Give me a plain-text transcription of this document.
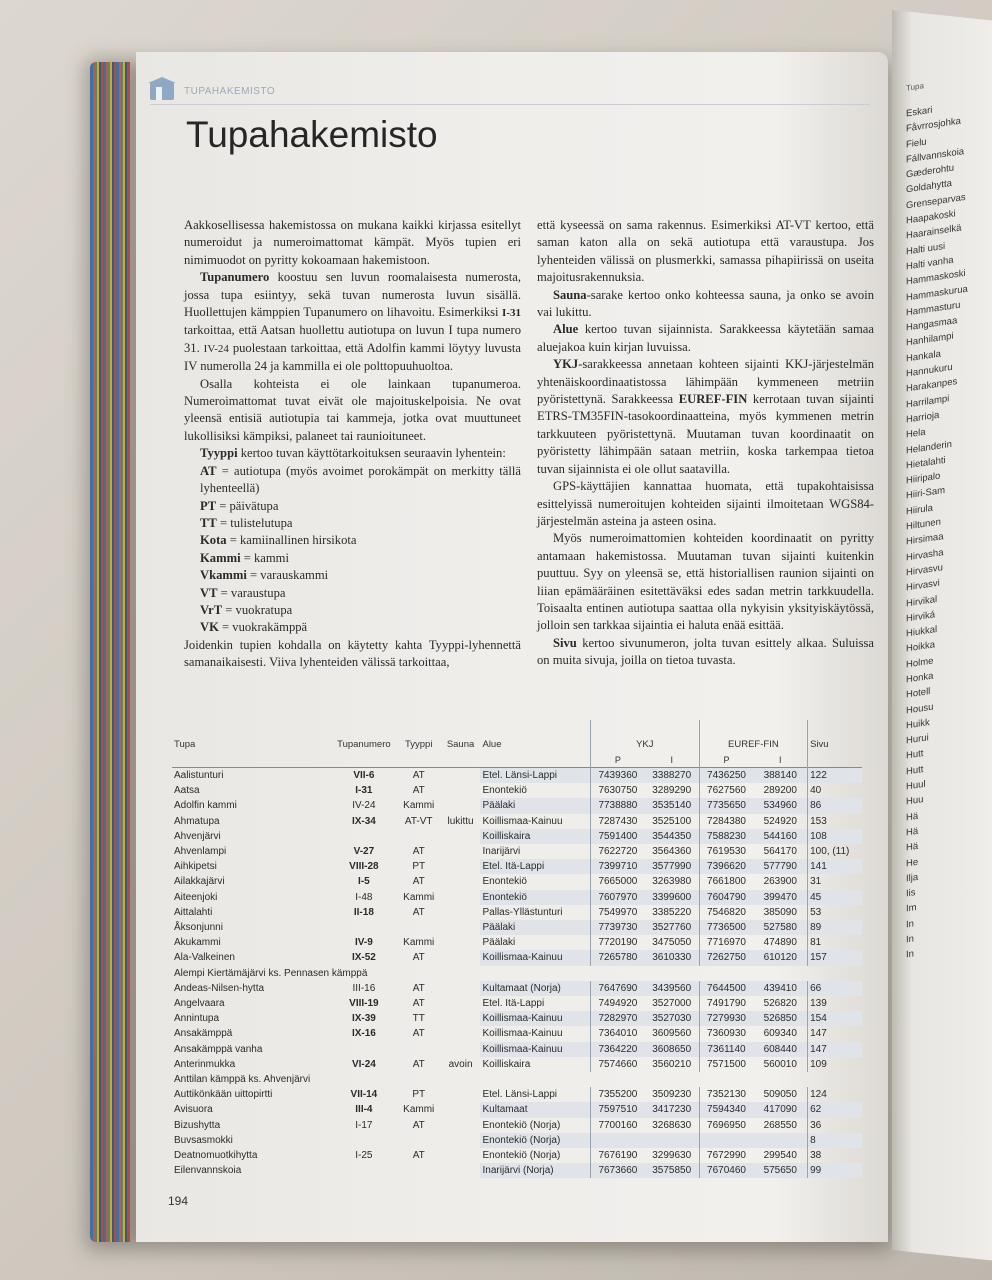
Tupa
Eskari
Fåvrrosjohka
Fielu
Fállvannskoia
Gæderohtu
Goldahytta
Grenseparvas
Haapakoski
Haarainselkä
Halti uusi
Halti vanha
Hammaskoski
Hammaskurua
Hammasturu
Hangasmaa
Hanhilampi
Hankala
Hannukuru
Harakanpes
Harrilampi
Harrioja
Hela
Helanderin
Hietalahti
Hiiripalo
Hiiri-Sam
Hiirula
Hiltunen
Hirsimaa
Hirvasha
Hirvasvu
Hirvasvi
Hirvikal
Hirviká
Hiukkal
Hoikka
Holme
Honka
Hotell
Housu
Huikk
Hurui
Hutt
Hutt
Huul
Huu
Hä
Hä
Hä
He
Ilja
Iis
Im
In
In
In
TUPAHAKEMISTO
Tupahakemisto

Aakkosellisessa hakemistossa on mukana kaikki kirjassa esitellyt numeroidut ja numeroimattomat kämpät. Myös tupien eri nimimuodot on pyritty kokoamaan hakemistoon.

Tupanumero koostuu sen luvun roomalaisesta numerosta, jossa tupa esiintyy, sekä tuvan numerosta luvun sisällä. Huollettujen kämppien Tupanumero on lihavoitu. Esimerkiksi I-31 tarkoittaa, että Aatsan huollettu autiotupa on luvun I tupa numero 31. IV-24 puolestaan tarkoittaa, että Adolfin kammi löytyy luvusta IV numerolla 24 ja kammilla ei ole polttopuuhuoltoa.

Osalla kohteista ei ole lainkaan tupanumeroa. Numeroimattomat tuvat eivät ole majoituskelpoisia. Ne ovat yleensä entisiä autiotupia tai kammeja, jotka ovat muuttuneet lukollisiksi kämpiksi, palaneet tai raunioituneet.

Tyyppi kertoo tuvan käyttötarkoituksen seuraavin lyhentein:

AT = autiotupa (myös avoimet porokämpät on merkitty tällä lyhenteellä)
PT = päivätupa
TT = tulistelutupa
Kota = kamiinallinen hirsikota
Kammi = kammi
Vkammi = varauskammi
VT = varaustupa
VrT = vuokratupa
VK = vuokrakämppä

Joidenkin tupien kohdalla on käytetty kahta Tyyppi-lyhennettä samanaikaisesti. Viiva lyhenteiden välissä tarkoittaa,

että kyseessä on sama rakennus. Esimerkiksi AT-VT kertoo, että saman katon alla on sekä autiotupa että varaustupa. Jos lyhenteiden välissä on plusmerkki, samassa pihapiirissä on useita majoitusrakennuksia.

Sauna-sarake kertoo onko kohteessa sauna, ja onko se avoin vai lukittu.

Alue kertoo tuvan sijainnista. Sarakkeessa käytetään samaa aluejakoa kuin kirjan luvuissa.

YKJ-sarakkeessa annetaan kohteen sijainti KKJ-järjestelmän yhtenäiskoordinaatistossa lähimpään kymmeneen metriin pyöristettynä. Sarakkeessa EUREF-FIN kerrotaan tuvan sijainti ETRS-TM35FIN-tasokoordinaatteina, myös kymmenen metrin tarkkuuteen pyöristettynä. Muutaman tuvan koordinaatit on pyöristetty lähimpään sataan metriin, koska tarkempaa tietoa tuvan sijainnista ei ole ollut saatavilla.

GPS-käyttäjien kannattaa huomata, että tupakohtaisissa esittelyissä numeroitujen kohteiden sijainti ilmoitetaan WGS84-järjestelmän asteina ja asteen osina.

Myös numeroimattomien kohteiden koordinaatit on pyritty antamaan hakemistossa. Muutaman tuvan sijainti kuitenkin puuttuu. Syy on yleensä se, että historiallisen raunion sijainti on liian epämääräinen esitettäväksi edes sadan metrin tarkkuudella. Toisaalta entinen autiotupa saattaa olla nykyisin yksityiskäytössä, jolloin sen tarkkaa sijaintia ei haluta enää esittää.

Sivu kertoo sivunumeron, jolta tuvan esittely alkaa. Suluissa on muita sivuja, joilla on tietoa tuvasta.

Tupa	Tupanumero	Tyyppi	Sauna	Alue	YKJ		EUREF-FIN		Sivu
					P	I	P	I	
Aalistunturi	VII-6	AT		Etel. Länsi-Lappi	7439360	3388270	7436250	388140	122
Aatsa	I-31	AT		Enontekiö	7630750	3289290	7627560	289200	40
Adolfin kammi	IV-24	Kammi		Päälaki	7738880	3535140	7735650	534960	86
Ahmatupa	IX-34	AT-VT	lukittu	Koillismaa-Kainuu	7287430	3525100	7284380	524920	153
Ahvenjärvi				Koilliskaira	7591400	3544350	7588230	544160	108
Ahvenlampi	V-27	AT		Inarijärvi	7622720	3564360	7619530	564170	100, (11)
Aihkipetsi	VIII-28	PT		Etel. Itä-Lappi	7399710	3577990	7396620	577790	141
Ailakkajärvi	I-5	AT		Enontekiö	7665000	3263980	7661800	263900	31
Aiteenjoki	I-48	Kammi		Enontekiö	7607970	3399600	7604790	399470	45
Aittalahti	II-18	AT		Pallas-Yllästunturi	7549970	3385220	7546820	385090	53
Åksonjunni				Päälaki	7739730	3527760	7736500	527580	89
Akukammi	IV-9	Kammi		Päälaki	7720190	3475050	7716970	474890	81
Ala-Valkeinen	IX-52	AT		Koillismaa-Kainuu	7265780	3610330	7262750	610120	157
Alempi Kiertämäjärvi ks. Pennasen kämppä									
Andeas-Nilsen-hytta	III-16	AT		Kultamaat (Norja)	7647690	3439560	7644500	439410	66
Angelvaara	VIII-19	AT		Etel. Itä-Lappi	7494920	3527000	7491790	526820	139
Annintupa	IX-39	TT		Koillismaa-Kainuu	7282970	3527030	7279930	526850	154
Ansakämppä	IX-16	AT		Koillismaa-Kainuu	7364010	3609560	7360930	609340	147
Ansakämppä vanha				Koillismaa-Kainuu	7364220	3608650	7361140	608440	147
Anterinmukka	VI-24	AT	avoin	Koilliskaira	7574660	3560210	7571500	560010	109
Anttilan kämppä ks. Ahvenjärvi									
Auttikönkään uittopirtti	VII-14	PT		Etel. Länsi-Lappi	7355200	3509230	7352130	509050	124
Avisuora	III-4	Kammi		Kultamaat	7597510	3417230	7594340	417090	62
Bizushytta	I-17	AT		Enontekiö (Norja)	7700160	3268630	7696950	268550	36
Buvsasmokki				Enontekiö (Norja)					8
Deatnomuotkihytta	I-25	AT		Enontekiö (Norja)	7676190	3299630	7672990	299540	38
Eilenvannskoia				Inarijärvi (Norja)	7673660	3575850	7670460	575650	99
194
